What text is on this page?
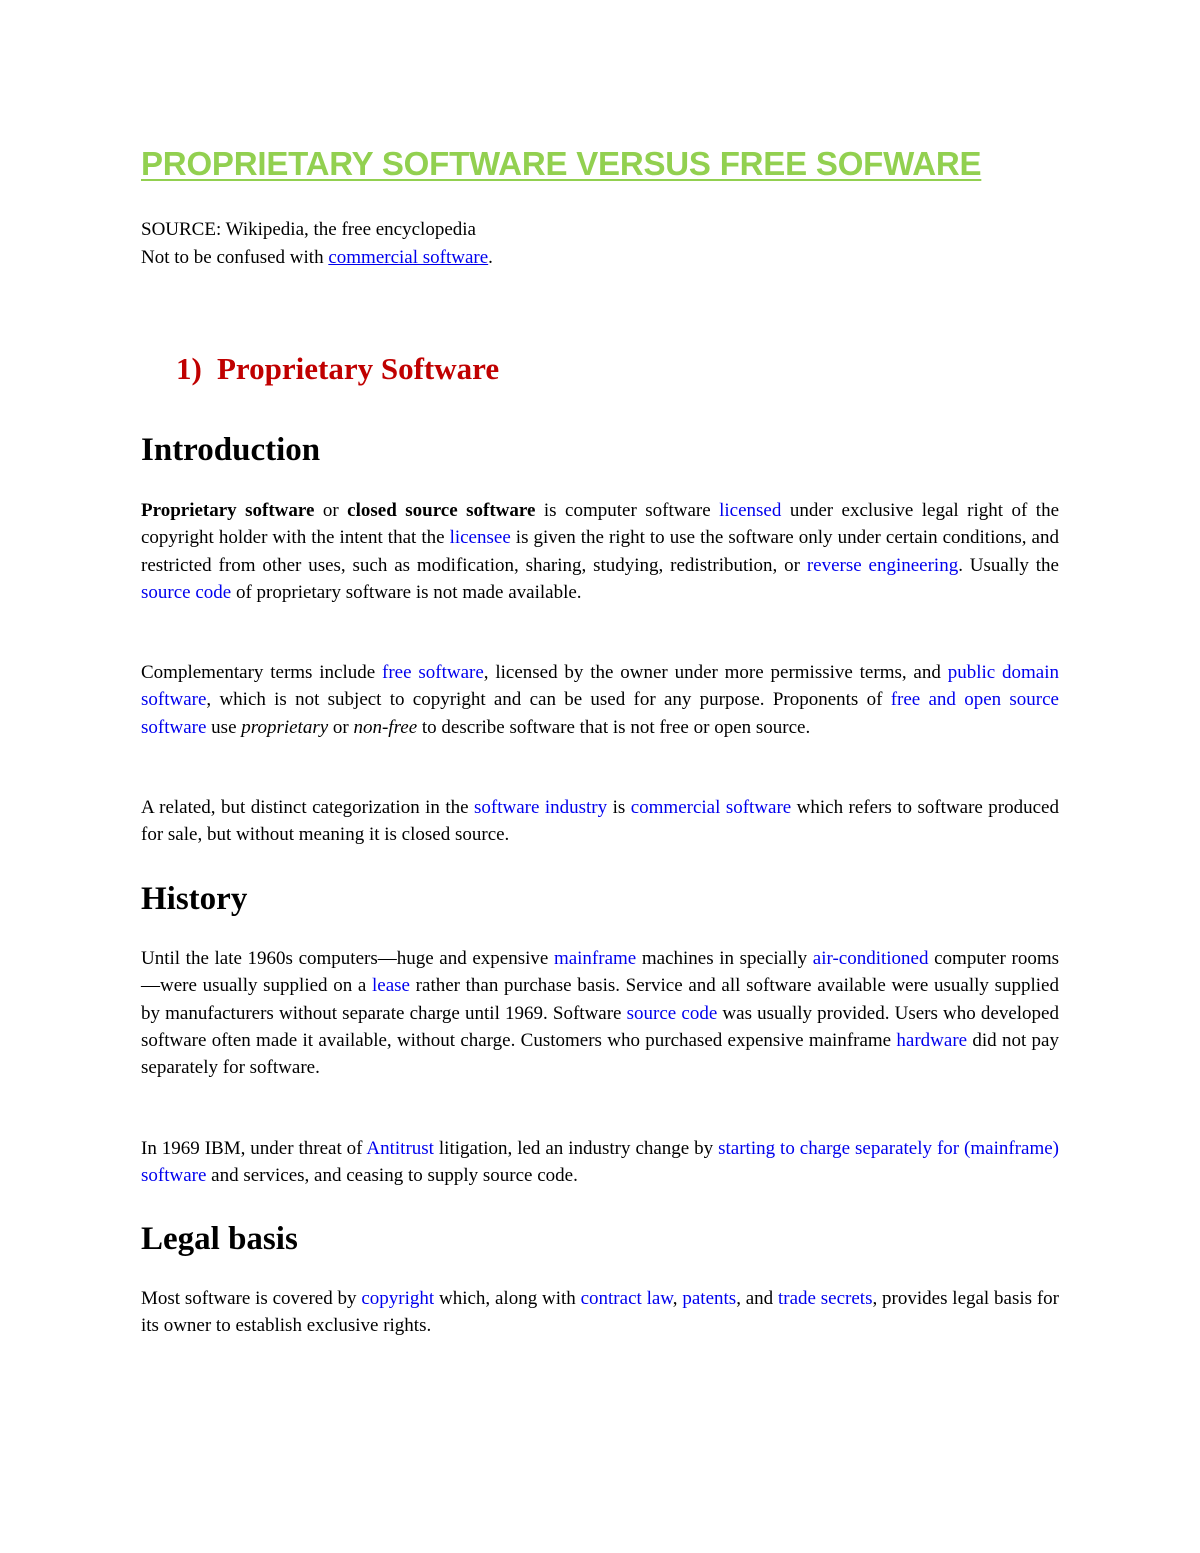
PROPRIETARY SOFTWARE VERSUS FREE SOFWARE
SOURCE: Wikipedia, the free encyclopedia
Not to be confused with commercial software.
1) Proprietary Software
Introduction

Proprietary software or closed source software is computer software licensed under exclusive legal right of the copyright holder with the intent that the licensee is given the right to use the software only under certain conditions, and restricted from other uses, such as modification, sharing, studying, redistribution, or reverse engineering. Usually the source code of proprietary software is not made available.

Complementary terms include free software, licensed by the owner under more permissive terms, and public domain software, which is not subject to copyright and can be used for any purpose. Proponents of free and open source software use proprietary or non-free to describe software that is not free or open source.

A related, but distinct categorization in the software industry is commercial software which refers to software produced for sale, but without meaning it is closed source.

History

Until the late 1960s computers—huge and expensive mainframe machines in specially air-conditioned computer rooms—were usually supplied on a lease rather than purchase basis. Service and all software available were usually supplied by manufacturers without separate charge until 1969. Software source code was usually provided. Users who developed software often made it available, without charge. Customers who purchased expensive mainframe hardware did not pay separately for software.

In 1969 IBM, under threat of Antitrust litigation, led an industry change by starting to charge separately for (mainframe) software and services, and ceasing to supply source code.

Legal basis

Most software is covered by copyright which, along with contract law, patents, and trade secrets, provides legal basis for its owner to establish exclusive rights.
